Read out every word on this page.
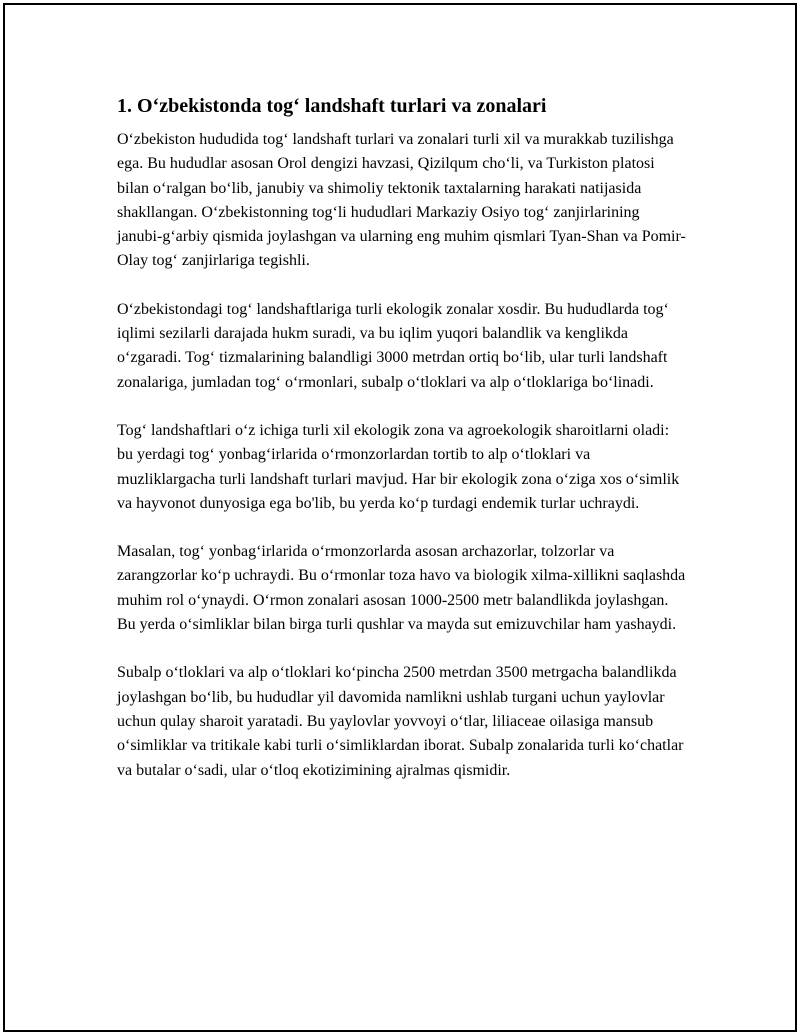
1. O‘zbekistonda tog‘ landshaft turlari va zonalari

O‘zbekiston hududida tog‘ landshaft turlari va zonalari turli xil va murakkab tuzilishga ega. Bu hududlar asosan Orol dengizi havzasi, Qizilqum cho‘li, va Turkiston platosi bilan o‘ralgan bo‘lib, janubiy va shimoliy tektonik taxtalarning harakati natijasida shakllangan. O‘zbekistonning tog‘li hududlari Markaziy Osiyo tog‘ zanjirlarining janubi-g‘arbiy qismida joylashgan va ularning eng muhim qismlari Tyan-Shan va Pomir-Olay tog‘ zanjirlariga tegishli.

O‘zbekistondagi tog‘ landshaftlariga turli ekologik zonalar xosdir. Bu hududlarda tog‘ iqlimi sezilarli darajada hukm suradi, va bu iqlim yuqori balandlik va kenglikda o‘zgaradi. Tog‘ tizmalarining balandligi 3000 metrdan ortiq bo‘lib, ular turli landshaft zonalariga, jumladan tog‘ o‘rmonlari, subalp o‘tloklari va alp o‘tloklariga bo‘linadi.

Tog‘ landshaftlari o‘z ichiga turli xil ekologik zona va agroekologik sharoitlarni oladi: bu yerdagi tog‘ yonbag‘irlarida o‘rmonzorlardan tortib to alp o‘tloklari va muzliklargacha turli landshaft turlari mavjud. Har bir ekologik zona o‘ziga xos o‘simlik va hayvonot dunyosiga ega bo'lib, bu yerda ko‘p turdagi endemik turlar uchraydi.

Masalan, tog‘ yonbag‘irlarida o‘rmonzorlarda asosan archazorlar, tolzorlar va zarangzorlar ko‘p uchraydi. Bu o‘rmonlar toza havo va biologik xilma-xillikni saqlashda muhim rol o‘ynaydi. O‘rmon zonalari asosan 1000-2500 metr balandlikda joylashgan. Bu yerda o‘simliklar bilan birga turli qushlar va mayda sut emizuvchilar ham yashaydi.

Subalp o‘tloklari va alp o‘tloklari ko‘pincha 2500 metrdan 3500 metrgacha balandlikda joylashgan bo‘lib, bu hududlar yil davomida namlikni ushlab turgani uchun yaylovlar uchun qulay sharoit yaratadi. Bu yaylovlar yovvoyi o‘tlar, liliaceae oilasiga mansub o‘simliklar va tritikale kabi turli o‘simliklardan iborat. Subalp zonalarida turli ko‘chatlar va butalar o‘sadi, ular o‘tloq ekotizimining ajralmas qismidir.
